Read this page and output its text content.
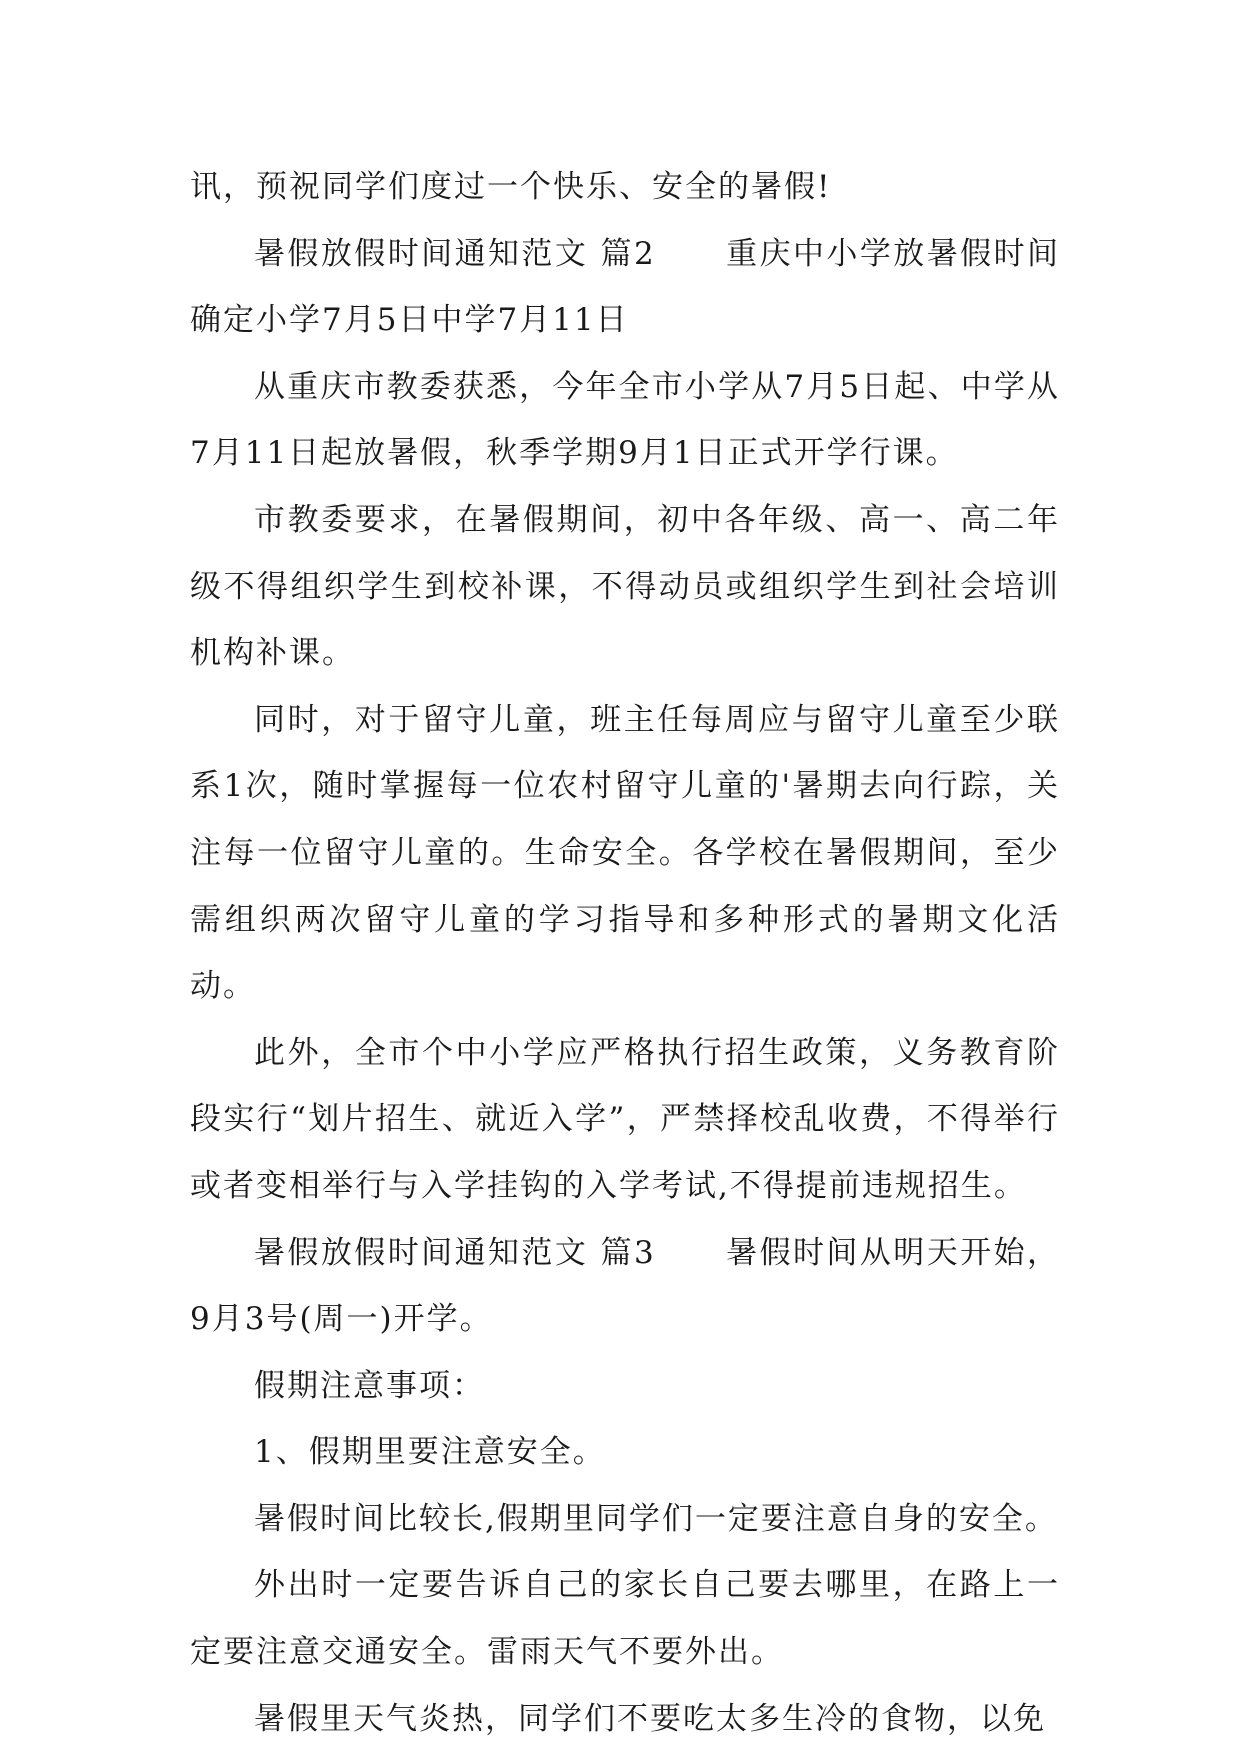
讯，预祝同学们度过一个快乐、安全的暑假!

暑假放假时间通知范文 篇2 重庆中小学放暑假时间确定小学7月5日中学7月11日

从重庆市教委获悉，今年全市小学从7月5日起、中学从7月11日起放暑假，秋季学期9月1日正式开学行课。

市教委要求，在暑假期间，初中各年级、高一、高二年级不得组织学生到校补课，不得动员或组织学生到社会培训机构补课。

同时，对于留守儿童，班主任每周应与留守儿童至少联系1次，随时掌握每一位农村留守儿童的'暑期去向行踪，关注每一位留守儿童的。生命安全。各学校在暑假期间，至少需组织两次留守儿童的学习指导和多种形式的暑期文化活动。

此外，全市个中小学应严格执行招生政策，义务教育阶段实行“划片招生、就近入学”，严禁择校乱收费，不得举行或者变相举行与入学挂钩的入学考试,不得提前违规招生。

暑假放假时间通知范文 篇3 暑假时间从明天开始，9月3号(周一)开学。

假期注意事项：

1、假期里要注意安全。

暑假时间比较长,假期里同学们一定要注意自身的安全。

外出时一定要告诉自己的家长自己要去哪里，在路上一定要注意交通安全。雷雨天气不要外出。

暑假里天气炎热，同学们不要吃太多生冷的食物，以免
